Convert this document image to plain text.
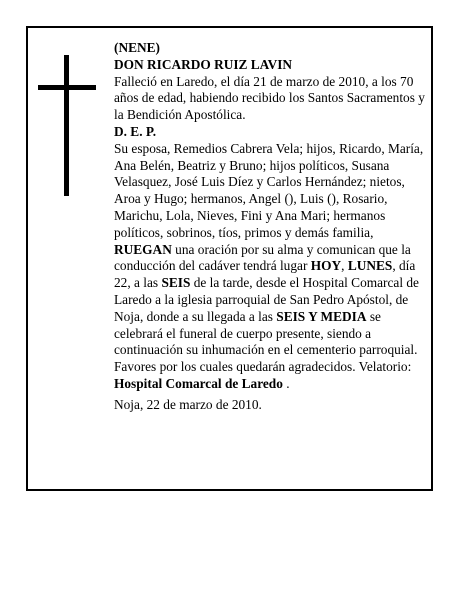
(NENE)

DON RICARDO RUIZ LAVIN

Falleció en Laredo, el día 21 de marzo de 2010, a los 70 años de edad, habiendo recibido los Santos Sacramentos y la Bendición Apostólica.

D. E. P.

Su esposa, Remedios Cabrera Vela; hijos, Ricardo, María, Ana Belén, Beatriz y Bruno; hijos políticos, Susana Velasquez, José Luis Díez y Carlos Hernández; nietos, Aroa y Hugo; hermanos, Angel (), Luis (), Rosario, Marichu, Lola, Nieves, Fini y Ana Mari; hermanos políticos, sobrinos, tíos, primos y demás familia,

RUEGAN una oración por su alma y comunican que la conducción del cadáver tendrá lugar HOY, LUNES, día 22, a las SEIS de la tarde, desde el Hospital Comarcal de Laredo a la iglesia parroquial de San Pedro Apóstol, de Noja, donde a su llegada a las SEIS Y MEDIA se celebrará el funeral de cuerpo presente, siendo a continuación su inhumación en el cementerio parroquial. Favores por los cuales quedarán agradecidos. Velatorio: Hospital Comarcal de Laredo .

Noja, 22 de marzo de 2010.
